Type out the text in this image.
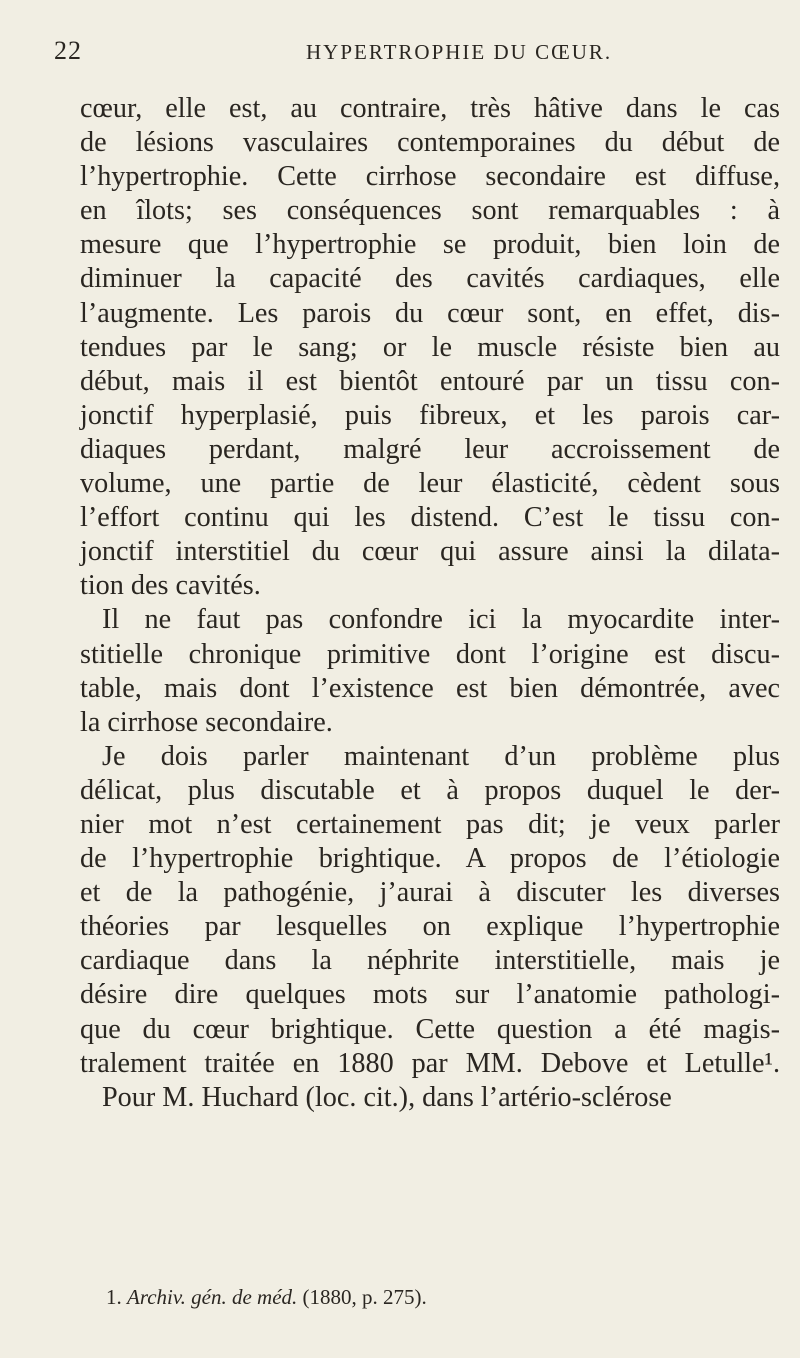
22	HYPERTROPHIE DU CŒUR.
cœur, elle est, au contraire, très hâtive dans le cas
de lésions vasculaires contemporaines du début de
l’hypertrophie. Cette cirrhose secondaire est diffuse,
en îlots; ses conséquences sont remarquables : à
mesure que l’hypertrophie se produit, bien loin de
diminuer la capacité des cavités cardiaques, elle
l’augmente. Les parois du cœur sont, en effet, dis-
tendues par le sang; or le muscle résiste bien au
début, mais il est bientôt entouré par un tissu con-
jonctif hyperplasié, puis fibreux, et les parois car-
diaques perdant, malgré leur accroissement de
volume, une partie de leur élasticité, cèdent sous
l’effort continu qui les distend. C’est le tissu con-
jonctif interstitiel du cœur qui assure ainsi la dilata-
tion des cavités.
Il ne faut pas confondre ici la myocardite inter-
stitielle chronique primitive dont l’origine est discu-
table, mais dont l’existence est bien démontrée, avec
la cirrhose secondaire.
Je dois parler maintenant d’un problème plus
délicat, plus discutable et à propos duquel le der-
nier mot n’est certainement pas dit; je veux parler
de l’hypertrophie brightique. A propos de l’étiologie
et de la pathogénie, j’aurai à discuter les diverses
théories par lesquelles on explique l’hypertrophie
cardiaque dans la néphrite interstitielle, mais je
désire dire quelques mots sur l’anatomie pathologi-
que du cœur brightique. Cette question a été magis-
tralement traitée en 1880 par MM. Debove et Letulle¹.
Pour M. Huchard (loc. cit.), dans l’artério-sclérose
1. Archiv. gén. de méd. (1880, p. 275).
